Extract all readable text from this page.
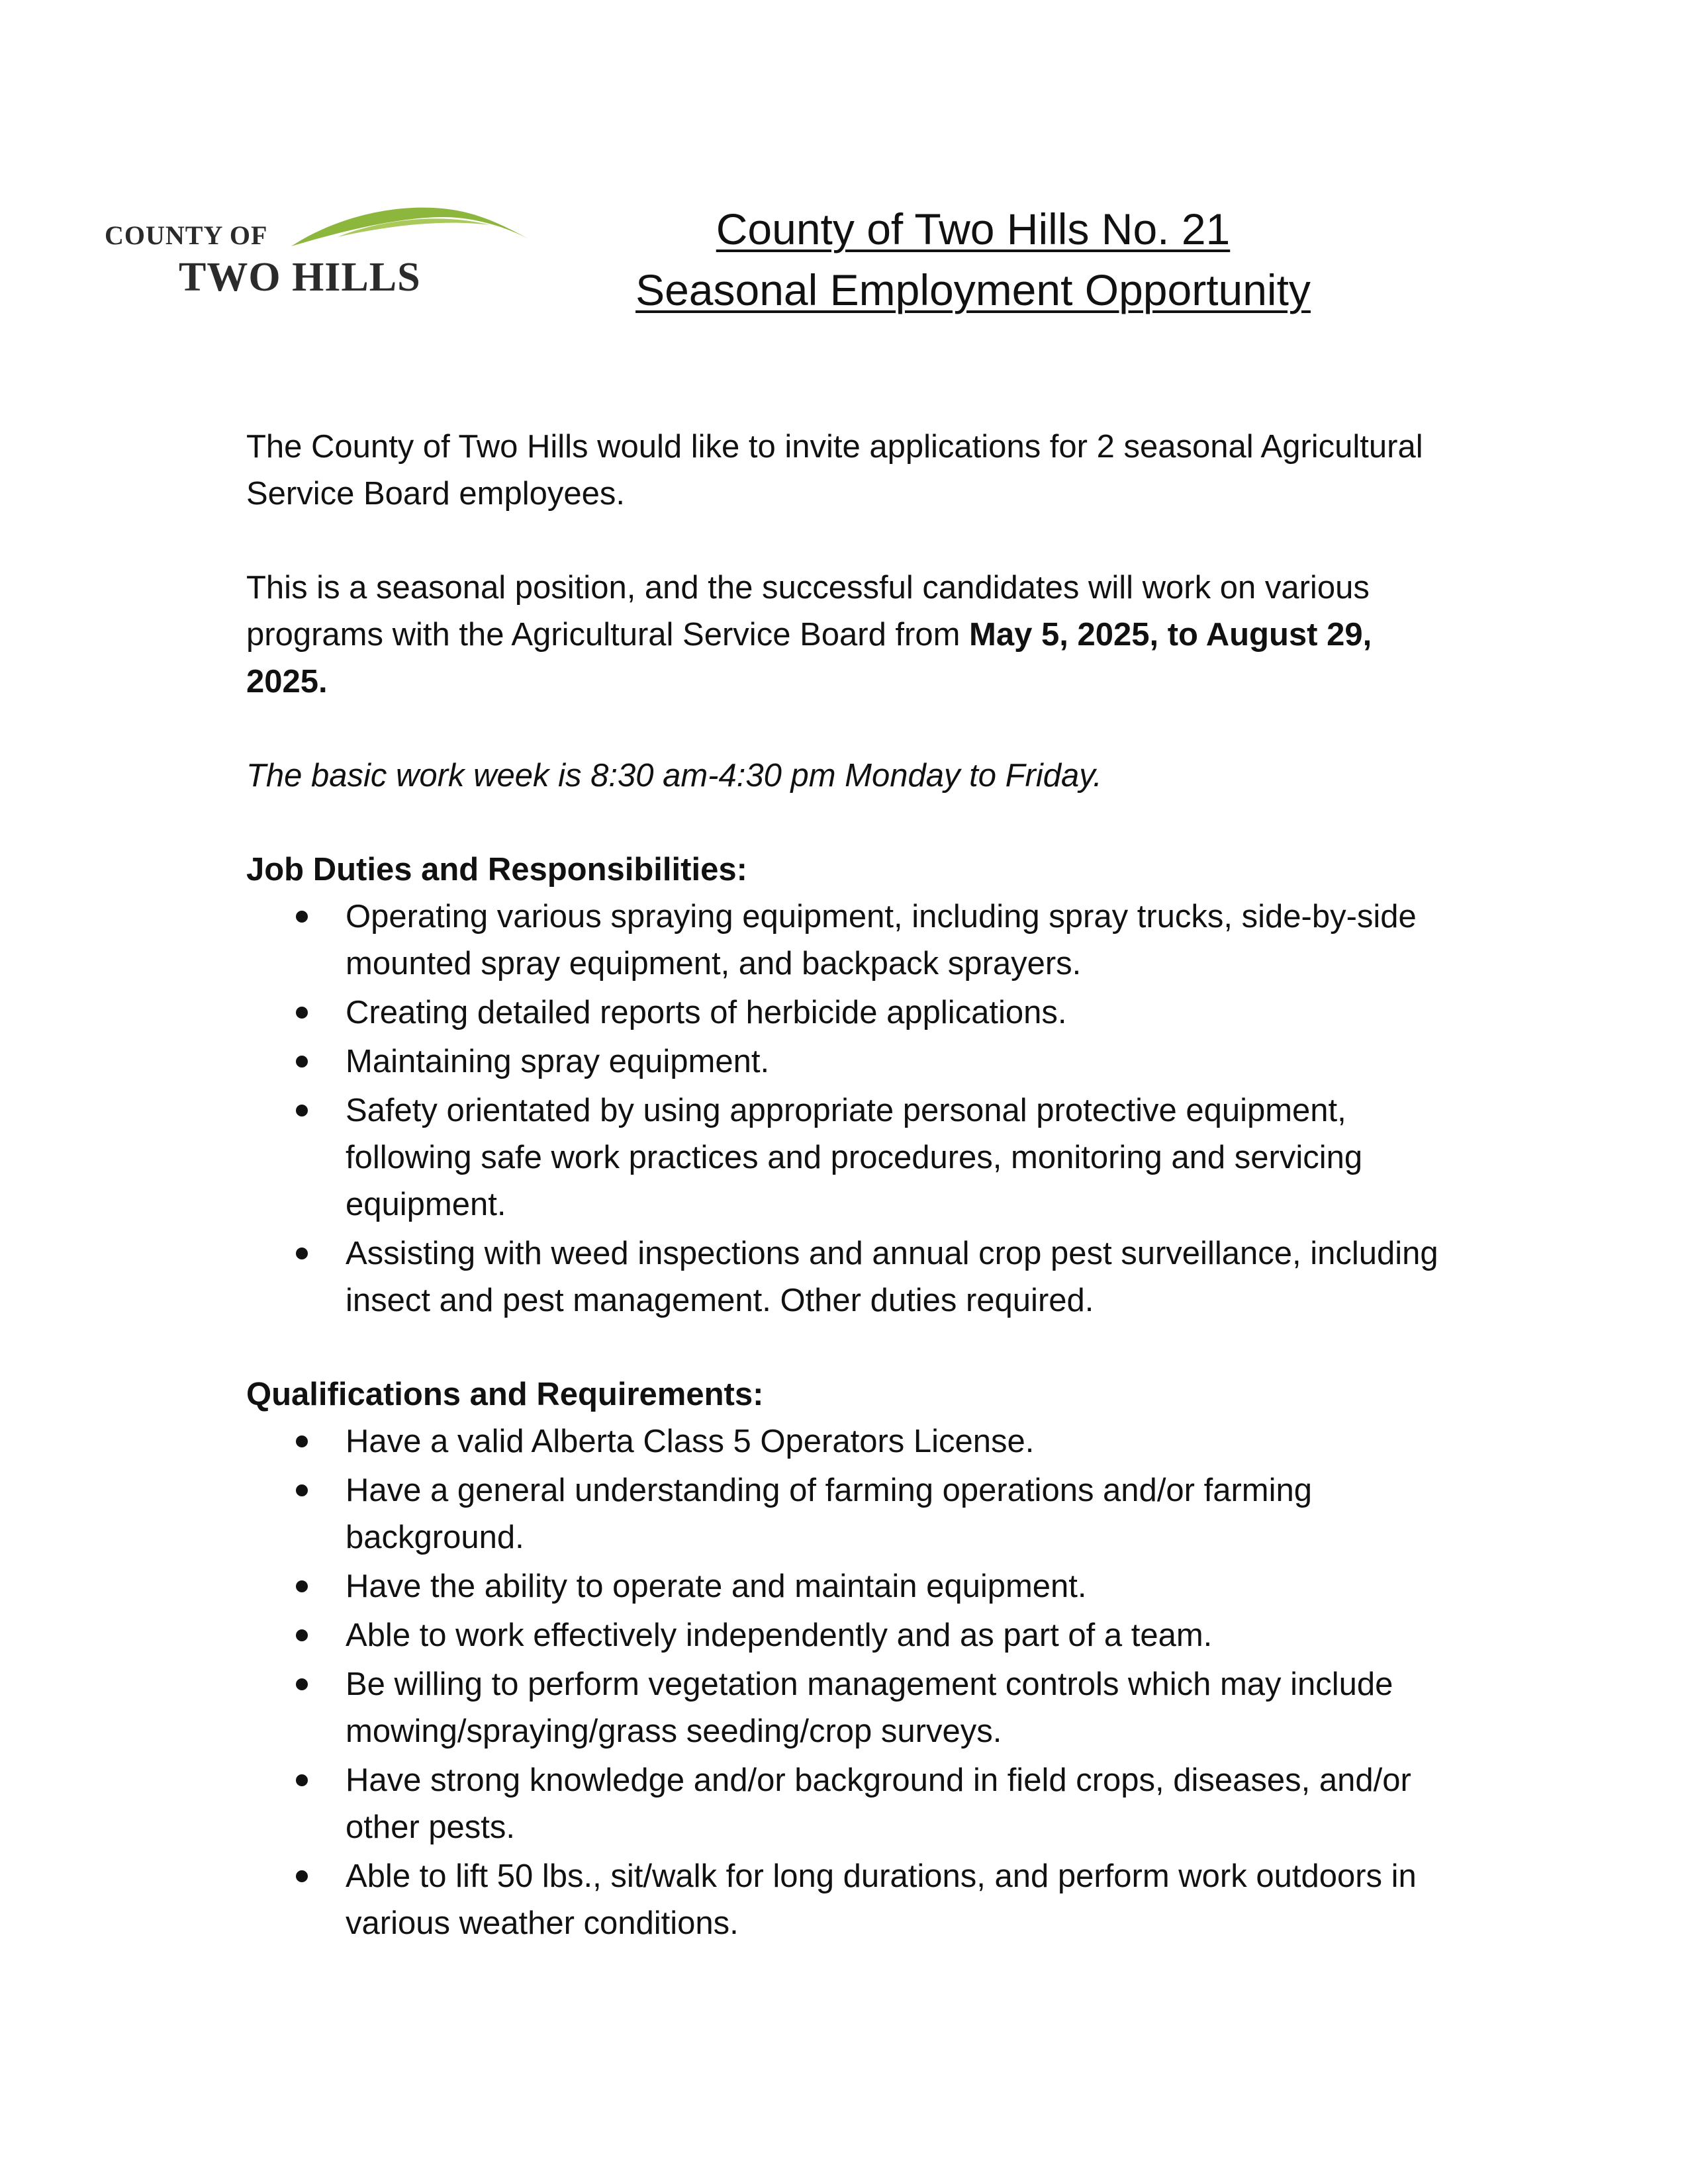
COUNTY OF
TWO HILLS
County of Two Hills No. 21
Seasonal Employment Opportunity

The County of Two Hills would like to invite applications for 2 seasonal Agricultural Service Board employees.

This is a seasonal position, and the successful candidates will work on various programs with the Agricultural Service Board from May 5, 2025, to August 29, 2025.

The basic work week is 8:30 am-4:30 pm Monday to Friday.

Job Duties and Responsibilities:

Operating various spraying equipment, including spray trucks, side-by-side mounted spray equipment, and backpack sprayers.
Creating detailed reports of herbicide applications.
Maintaining spray equipment.
Safety orientated by using appropriate personal protective equipment, following safe work practices and procedures, monitoring and servicing equipment.
Assisting with weed inspections and annual crop pest surveillance, including insect and pest management. Other duties required.

Qualifications and Requirements:

Have a valid Alberta Class 5 Operators License.
Have a general understanding of farming operations and/or farming background.
Have the ability to operate and maintain equipment.
Able to work effectively independently and as part of a team.
Be willing to perform vegetation management controls which may include mowing/spraying/grass seeding/crop surveys.
Have strong knowledge and/or background in field crops, diseases, and/or other pests.
Able to lift 50 lbs., sit/walk for long durations, and perform work outdoors in various weather conditions.
